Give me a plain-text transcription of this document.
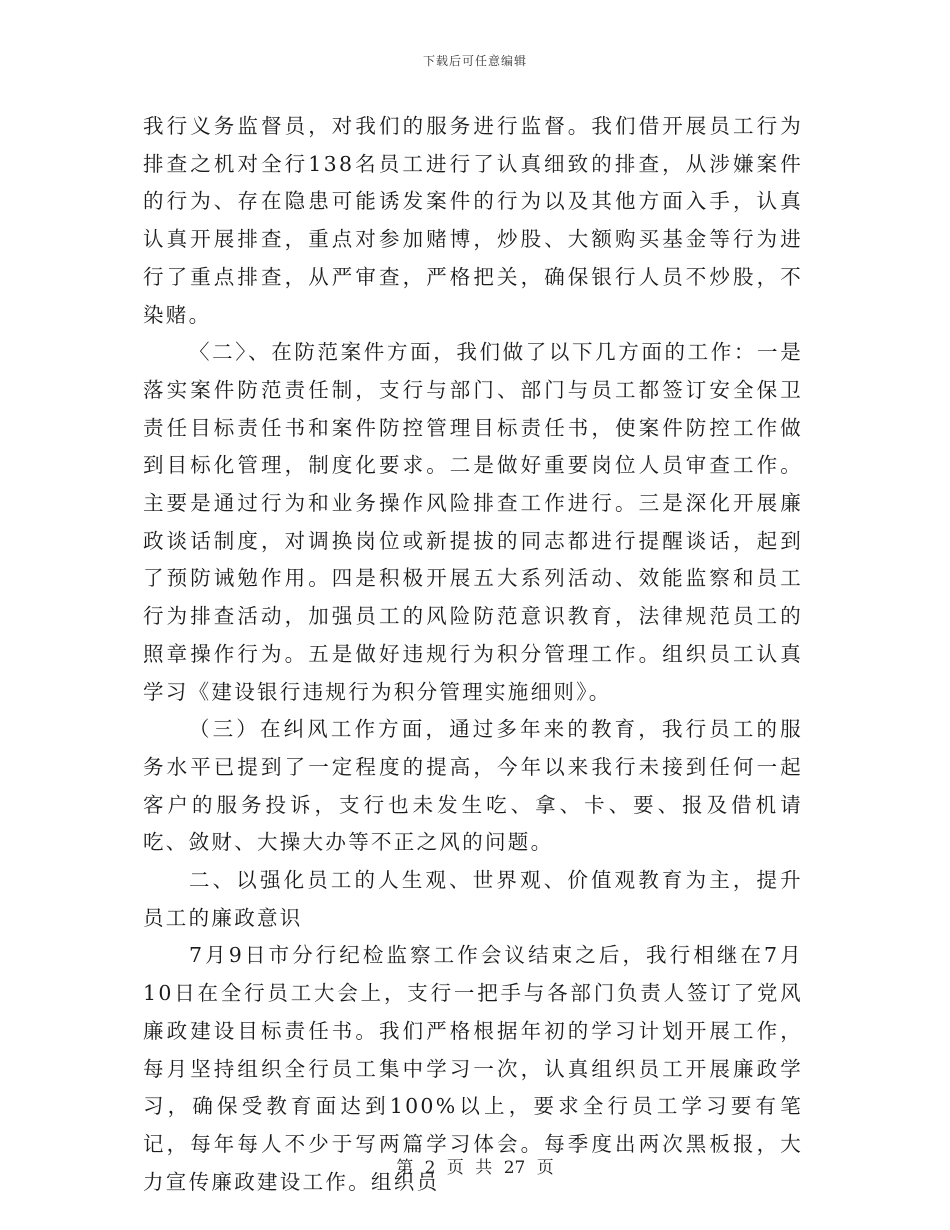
下载后可任意编辑

我行义务监督员，对我们的服务进行监督。我们借开展员工行为排查之机对全行138名员工进行了认真细致的排查，从涉嫌案件的行为、存在隐患可能诱发案件的行为以及其他方面入手，认真认真开展排查，重点对参加赌博，炒股、大额购买基金等行为进行了重点排查，从严审查，严格把关，确保银行人员不炒股，不染赌。

〈二〉、在防范案件方面，我们做了以下几方面的工作：一是落实案件防范责任制，支行与部门、部门与员工都签订安全保卫责任目标责任书和案件防控管理目标责任书，使案件防控工作做到目标化管理，制度化要求。二是做好重要岗位人员审查工作。主要是通过行为和业务操作风险排查工作进行。三是深化开展廉政谈话制度，对调换岗位或新提拔的同志都进行提醒谈话，起到了预防诫勉作用。四是积极开展五大系列活动、效能监察和员工行为排查活动，加强员工的风险防范意识教育，法律规范员工的照章操作行为。五是做好违规行为积分管理工作。组织员工认真学习《建设银行违规行为积分管理实施细则》。

（三）在纠风工作方面，通过多年来的教育，我行员工的服务水平已提到了一定程度的提高，今年以来我行未接到任何一起客户的服务投诉，支行也未发生吃、拿、卡、要、报及借机请吃、敛财、大操大办等不正之风的问题。

二、以强化员工的人生观、世界观、价值观教育为主，提升员工的廉政意识

7月9日市分行纪检监察工作会议结束之后，我行相继在7月10日在全行员工大会上，支行一把手与各部门负责人签订了党风廉政建设目标责任书。我们严格根据年初的学习计划开展工作，每月坚持组织全行员工集中学习一次，认真组织员工开展廉政学习，确保受教育面达到100%以上，要求全行员工学习要有笔记，每年每人不少于写两篇学习体会。每季度出两次黑板报，大力宣传廉政建设工作。组织员

第 2 页 共 27 页
